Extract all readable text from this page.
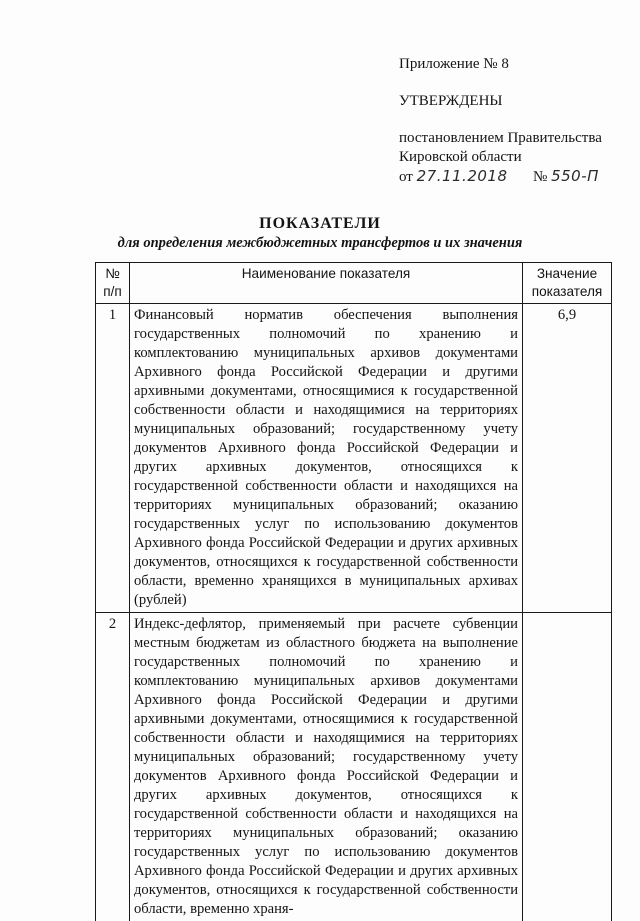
Приложение № 8
УТВЕРЖДЕНЫ
постановлением Правительства
Кировской области
от 27.11.2018 № 550-П
ПОКАЗАТЕЛИ
для определения межбюджетных трансфертов и их значения
№ п/п	Наименование показателя	Значение показателя
1	Финансовый норматив обеспечения выполнения государственных полномочий по хранению и комплектованию муниципальных архивов документами Архивного фонда Российской Федерации и другими архивными документами, относящимися к государственной собственности области и находящимися на территориях муниципальных образований; государственному учету документов Архивного фонда Российской Федерации и других архивных документов, относящихся к государственной собственности области и находящихся на территориях муниципальных образований; оказанию государственных услуг по использованию документов Архивного фонда Российской Федерации и других архивных документов, относящихся к государственной собственности области, временно хранящихся в муниципальных архивах (рублей)	6,9
2	Индекс-дефлятор, применяемый при расчете субвенции местным бюджетам из областного бюджета на выполнение государственных полномочий по хранению и комплектованию муниципальных архивов документами Архивного фонда Российской Федерации и другими архивными документами, относящимися к государственной собственности области и находящимися на территориях муниципальных образований; государственному учету документов Архивного фонда Российской Федерации и других архивных документов, относящихся к государственной собственности области и находящихся на территориях муниципальных образований; оказанию государственных услуг по использованию документов Архивного фонда Российской Федерации и других архивных документов, относящихся к государственной собственности области, временно храня-	
